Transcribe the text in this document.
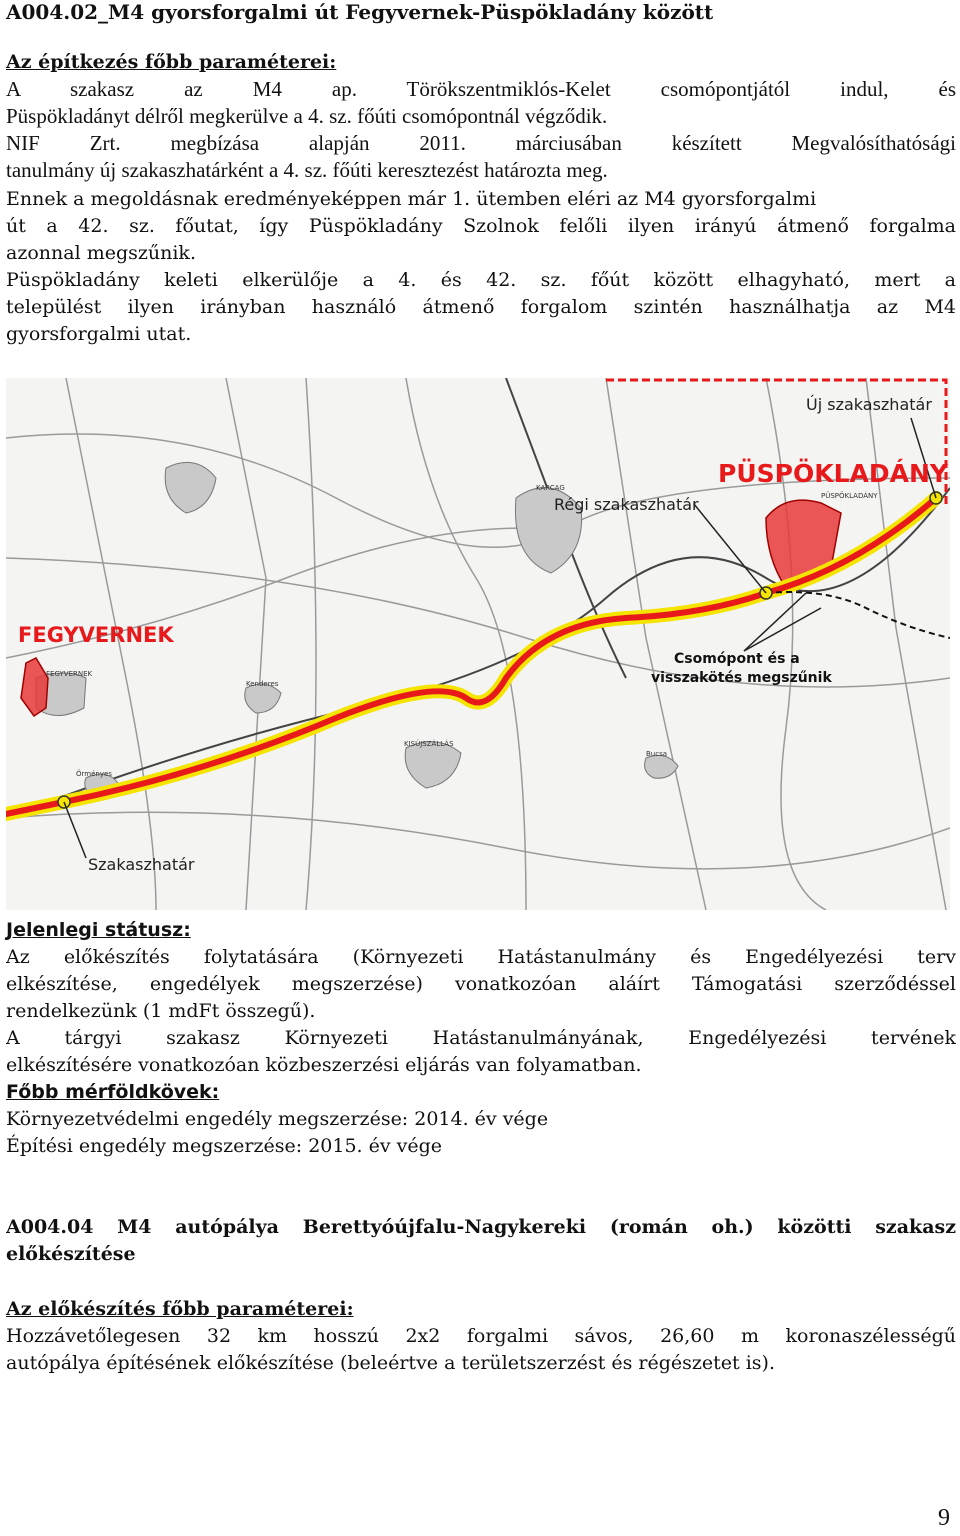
A004.02_M4 gyorsforgalmi út Fegyvernek-Püspökladány között
Az építkezés főbb paraméterei:
A szakasz az M4 ap. Törökszentmiklós-Kelet csomópontjától indul, és
Püspökladányt délről megkerülve a 4. sz. főúti csomópontnál végződik.
NIF Zrt. megbízása alapján 2011. márciusában készített Megvalósíthatósági
tanulmány új szakaszhatárként a 4. sz. főúti keresztezést határozta meg.
Ennek a megoldásnak eredményeképpen már 1. ütemben eléri az M4 gyorsforgalmi
út a 42. sz. főutat, így Püspökladány Szolnok felőli ilyen irányú átmenő forgalma
azonnal megszűnik.
Püspökladány keleti elkerülője a 4. és 42. sz. főút között elhagyható, mert a
települést ilyen irányban használó átmenő forgalom szintén használhatja az M4
gyorsforgalmi utat.
Új szakaszhatár
PÜSPÖKLADÁNY
Régi szakaszhatár
FEGYVERNEK
Csomópont és a
visszakötés megszűnik
Szakaszhatár
PÜSPÖKLADÁNY
KARCAG
FEGYVERNEK
Kenderes
KISÚJSZÁLLÁS
Örményes
Bucsa
Jelenlegi státusz:
Az előkészítés folytatására (Környezeti Hatástanulmány és Engedélyezési terv
elkészítése, engedélyek megszerzése) vonatkozóan aláírt Támogatási szerződéssel
rendelkezünk (1 mdFt összegű).
A tárgyi szakasz Környezeti Hatástanulmányának, Engedélyezési tervének
elkészítésére vonatkozóan közbeszerzési eljárás van folyamatban.
Főbb mérföldkövek:
Környezetvédelmi engedély megszerzése: 2014. év vége
Építési engedély megszerzése: 2015. év vége
A004.04 M4 autópálya Berettyóújfalu-Nagykereki (román oh.) közötti szakasz
előkészítése
Az előkészítés főbb paraméterei:
Hozzávetőlegesen 32 km hosszú 2x2 forgalmi sávos, 26,60 m koronaszélességű
autópálya építésének előkészítése (beleértve a területszerzést és régészetet is).
9
